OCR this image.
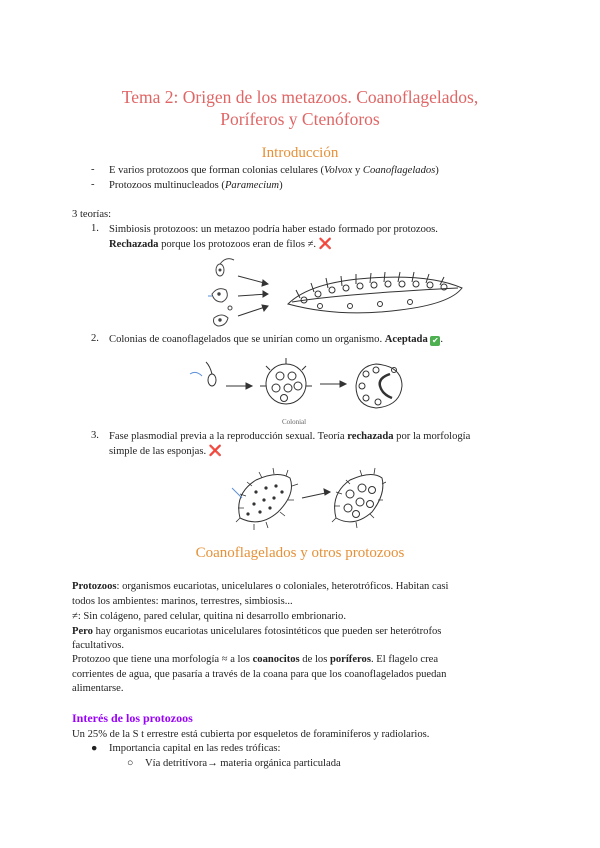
Tema 2: Origen de los metazoos. Coanoflagelados,
Poríferos y Ctenóforos
Introducción
- E varios protozoos que forman colonias celulares (Volvox y Coanoflagelados)
- Protozoos multinucleados (Paramecium)
3 teorías:
1. Simbiosis protozoos: un metazoo podría haber estado formado por protozoos.
Rechazada porque los protozoos eran de filos ≠. ❌
2. Colonias de coanoflagelados que se unirían como un organismo. Aceptada ✔ .
Colonial
3. Fase plasmodial previa a la reproducción sexual. Teoría rechazada por la morfología
simple de las esponjas. ❌
Coanoflagelados y otros protozoos
Protozoos: organismos eucariotas, unicelulares o coloniales, heterotróficos. Habitan casi
todos los ambientes: marinos, terrestres, simbiosis...
≠: Sin colágeno, pared celular, quitina ni desarrollo embrionario.
Pero hay organismos eucariotas unicelulares fotosintéticos que pueden ser heterótrofos
facultativos.
Protozoo que tiene una morfología ≈ a los coanocitos de los poríferos. El flagelo crea
corrientes de agua, que pasaría a través de la coana para que los coanoflagelados puedan
alimentarse.
Interés de los protozoos
Un 25% de la S t errestre está cubierta por esqueletos de foraminíferos y radiolarios.
● Importancia capital en las redes tróficas:
○ Vía detritívora→ materia orgánica particulada
